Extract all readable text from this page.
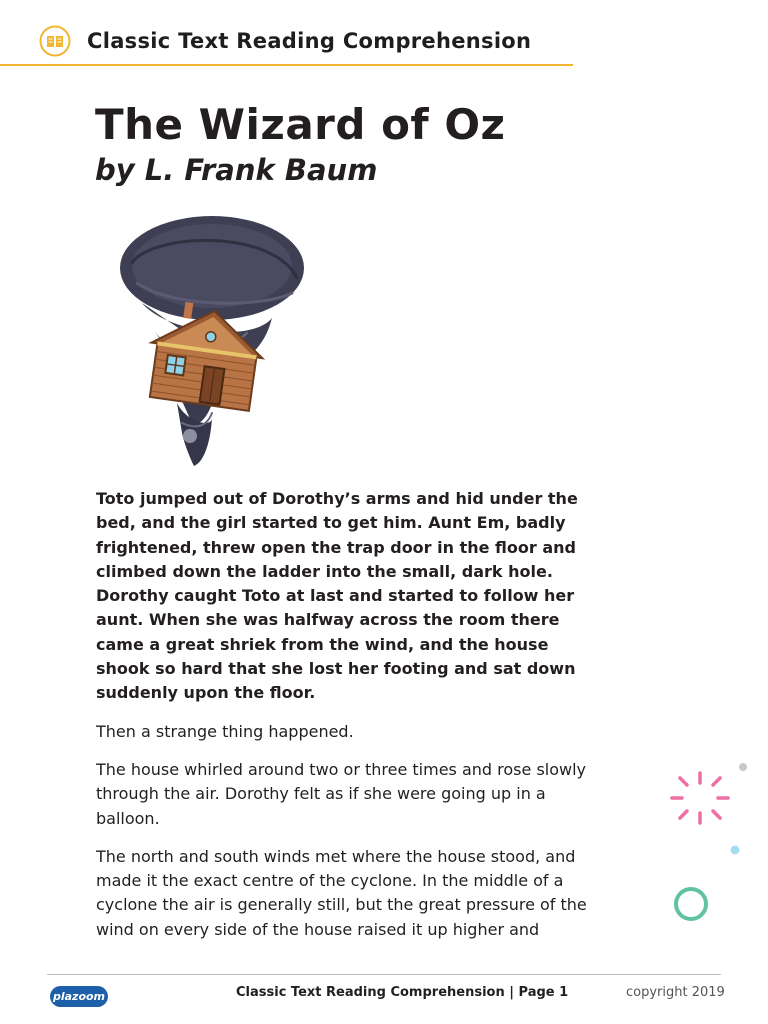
Classic Text Reading Comprehension
The Wizard of Oz
by L. Frank Baum

Toto jumped out of Dorothy’s arms and hid under the bed, and the girl started to get him. Aunt Em, badly frightened, threw open the trap door in the floor and climbed down the ladder into the small, dark hole. Dorothy caught Toto at last and started to follow her aunt. When she was halfway across the room there came a great shriek from the wind, and the house shook so hard that she lost her footing and sat down suddenly upon the floor.

Then a strange thing happened.

The house whirled around two or three times and rose slowly through the air. Dorothy felt as if she were going up in a balloon.

The north and south winds met where the house stood, and made it the exact centre of the cyclone. In the middle of a cyclone the air is generally still, but the great pressure of the wind on every side of the house raised it up higher and

plazoom	Classic Text Reading Comprehension | Page 1	copyright 2019
